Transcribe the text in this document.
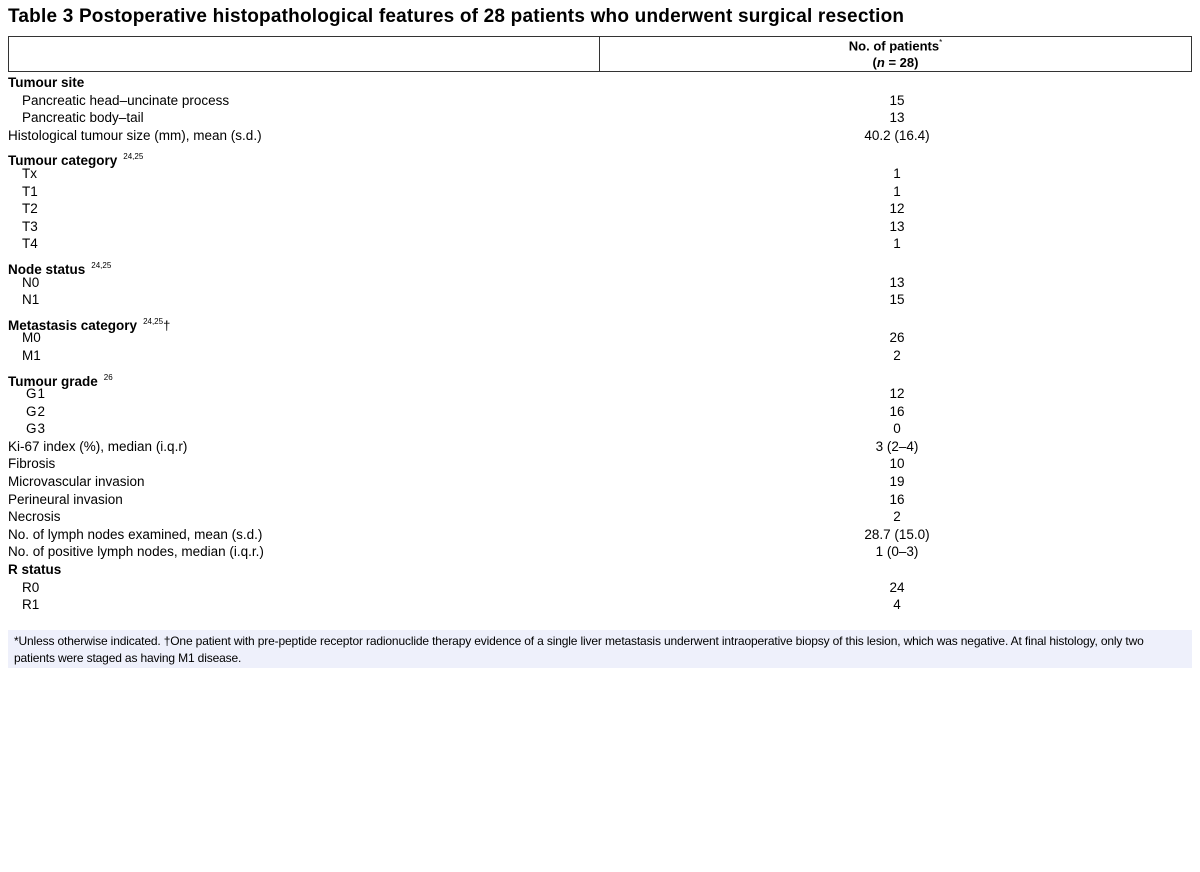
Table 3 Postoperative histopathological features of 28 patients who underwent surgical resection
No. of patients*
(n = 28)
Tumour site
Pancreatic head–uncinate process	15
Pancreatic body–tail	13
Histological tumour size (mm), mean (s.d.)	40.2 (16.4)
Tumour category $^{24,25}$
Tx	1
T1	1
T2	12
T3	13
T4	1
Node status $^{24,25}$
N0	13
N1	15
Metastasis category $^{24,25}$†
M0	26
M1	2
Tumour grade $^{26}$
G1	12
G2	16
G3	0
Ki-67 index (%), median (i.q.r)	3 (2–4)
Fibrosis	10
Microvascular invasion	19
Perineural invasion	16
Necrosis	2
No. of lymph nodes examined, mean (s.d.)	28.7 (15.0)
No. of positive lymph nodes, median (i.q.r.)	1 (0–3)
R status
R0	24
R1	4
*Unless otherwise indicated. †One patient with pre-peptide receptor radionuclide therapy evidence of a single liver metastasis underwent intraoperative biopsy of this lesion, which was negative. At final histology, only two patients were staged as having M1 disease.
